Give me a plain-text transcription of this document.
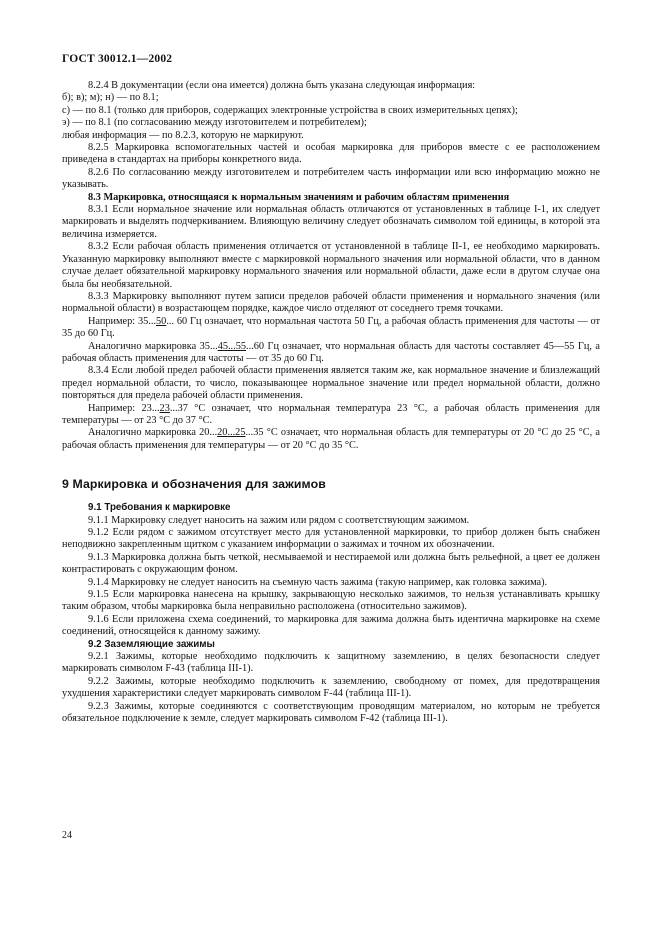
ГОСТ 30012.1—2002

8.2.4 В документации (если она имеется) должна быть указана следующая информация:

б); в); м); н) — по 8.1;

с) — по 8.1 (только для приборов, содержащих электронные устройства в своих измерительных цепях);

э) — по 8.1 (по согласованию между изготовителем и потребителем);

любая информация — по 8.2.3, которую не маркируют.

8.2.5 Маркировка вспомогательных частей и особая маркировка для приборов вместе с ее расположением приведена в стандартах на приборы конкретного вида.

8.2.6 По согласованию между изготовителем и потребителем часть информации или всю информацию можно не указывать.

8.3 Маркировка, относящаяся к нормальным значениям и рабочим областям применения

8.3.1 Если нормальное значение или нормальная область отличаются от установленных в таблице I-1, их следует маркировать и выделять подчеркиванием. Влияющую величину следует обозначать символом той единицы, в которой эта величина измеряется.

8.3.2 Если рабочая область применения отличается от установленной в таблице II-1, ее необходимо маркировать. Указанную маркировку выполняют вместе с маркировкой нормального значения или нормальной области, что в данном случае делает обязательной маркировку нормального значения или нормальной области, даже если в другом случае она была бы необязательной.

8.3.3 Маркировку выполняют путем записи пределов рабочей области применения и нормального значения (или нормальной области) в возрастающем порядке, каждое число отделяют от соседнего тремя точками.

Например: 35...50... 60 Гц означает, что нормальная частота 50 Гц, а рабочая область применения для частоты — от 35 до 60 Гц.

Аналогично маркировка 35...45...55...60 Гц означает, что нормальная область для частоты составляет 45—55 Гц, а рабочая область применения для частоты — от 35 до 60 Гц.

8.3.4 Если любой предел рабочей области применения является таким же, как нормальное значение и близлежащий предел нормальной области, то число, показывающее нормальное значение или предел нормальной области, должно повторяться для предела рабочей области применения.

Например: 23...23...37 °С означает, что нормальная температура 23 °С, а рабочая область применения для температуры — от 23 °С до 37 °С.

Аналогично маркировка 20...20...25...35 °С означает, что нормальная область для температуры от 20 °С до 25 °С, а рабочая область применения для температуры — от 20 °С до 35 °С.

9 Маркировка и обозначения для зажимов

9.1 Требования к маркировке

9.1.1 Маркировку следует наносить на зажим или рядом с соответствующим зажимом.

9.1.2 Если рядом с зажимом отсутствует место для установленной маркировки, то прибор должен быть снабжен неподвижно закрепленным щитком с указанием информации о зажимах и точном их обозначении.

9.1.3 Маркировка должна быть четкой, несмываемой и нестираемой или должна быть рельефной, а цвет ее должен контрастировать с окружающим фоном.

9.1.4 Маркировку не следует наносить на съемную часть зажима (такую например, как головка зажима).

9.1.5 Если маркировка нанесена на крышку, закрывающую несколько зажимов, то нельзя устанавливать крышку таким образом, чтобы маркировка была неправильно расположена (относительно зажимов).

9.1.6 Если приложена схема соединений, то маркировка для зажима должна быть идентична маркировке на схеме соединений, относящейся к данному зажиму.

9.2 Заземляющие зажимы

9.2.1 Зажимы, которые необходимо подключить к защитному заземлению, в целях безопасности следует маркировать символом F-43 (таблица III-1).

9.2.2 Зажимы, которые необходимо подключить к заземлению, свободному от помех, для предотвращения ухудшения характеристики следует маркировать символом F-44 (таблица III-1).

9.2.3 Зажимы, которые соединяются с соответствующим проводящим материалом, но которым не требуется обязательное подключение к земле, следует маркировать символом F-42 (таблица III-1).

24
